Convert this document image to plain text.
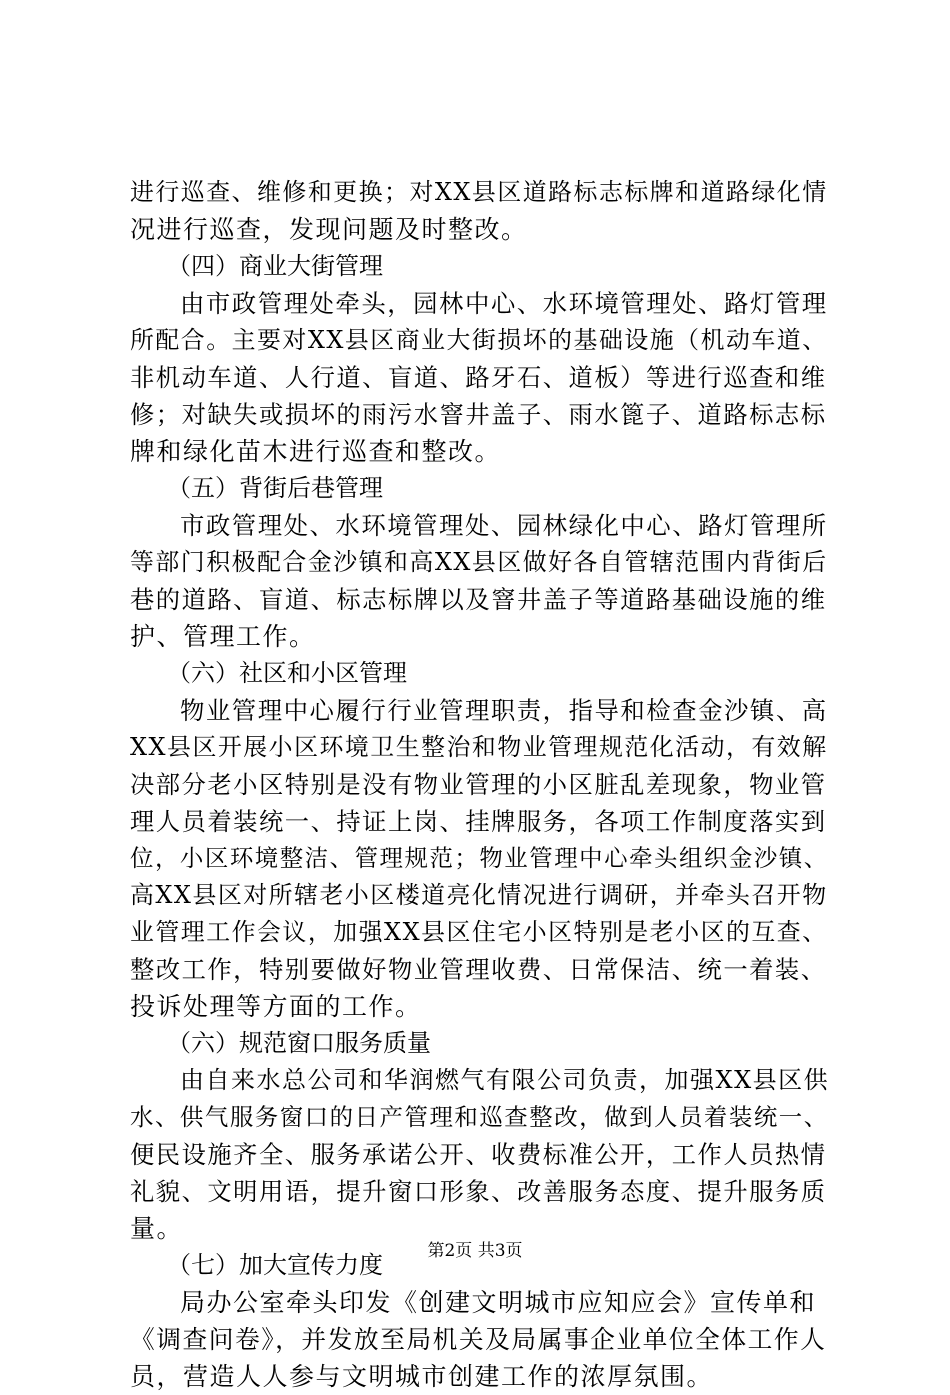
进行巡查、维修和更换；对XX县区道路标志标牌和道路绿化情
况进行巡查，发现问题及时整改。
（四）商业大街管理
由市政管理处牵头，园林中心、水环境管理处、路灯管理
所配合。主要对XX县区商业大街损坏的基础设施（机动车道、
非机动车道、人行道、盲道、路牙石、道板）等进行巡查和维
修；对缺失或损坏的雨污水窨井盖子、雨水篦子、道路标志标
牌和绿化苗木进行巡查和整改。
（五）背街后巷管理
市政管理处、水环境管理处、园林绿化中心、路灯管理所
等部门积极配合金沙镇和高XX县区做好各自管辖范围内背街后
巷的道路、盲道、标志标牌以及窨井盖子等道路基础设施的维
护、管理工作。
（六）社区和小区管理
物业管理中心履行行业管理职责，指导和检查金沙镇、高
XX县区开展小区环境卫生整治和物业管理规范化活动，有效解
决部分老小区特别是没有物业管理的小区脏乱差现象，物业管
理人员着装统一、持证上岗、挂牌服务，各项工作制度落实到
位，小区环境整洁、管理规范；物业管理中心牵头组织金沙镇、
高XX县区对所辖老小区楼道亮化情况进行调研，并牵头召开物
业管理工作会议，加强XX县区住宅小区特别是老小区的互查、
整改工作，特别要做好物业管理收费、日常保洁、统一着装、
投诉处理等方面的工作。
（六）规范窗口服务质量
由自来水总公司和华润燃气有限公司负责，加强XX县区供
水、供气服务窗口的日产管理和巡查整改，做到人员着装统一、
便民设施齐全、服务承诺公开、收费标准公开，工作人员热情
礼貌、文明用语，提升窗口形象、改善服务态度、提升服务质
量。
（七）加大宣传力度
局办公室牵头印发《创建文明城市应知应会》宣传单和
《调查问卷》，并发放至局机关及局属事企业单位全体工作人
员，营造人人参与文明城市创建工作的浓厚氛围。
第2页 共3页
